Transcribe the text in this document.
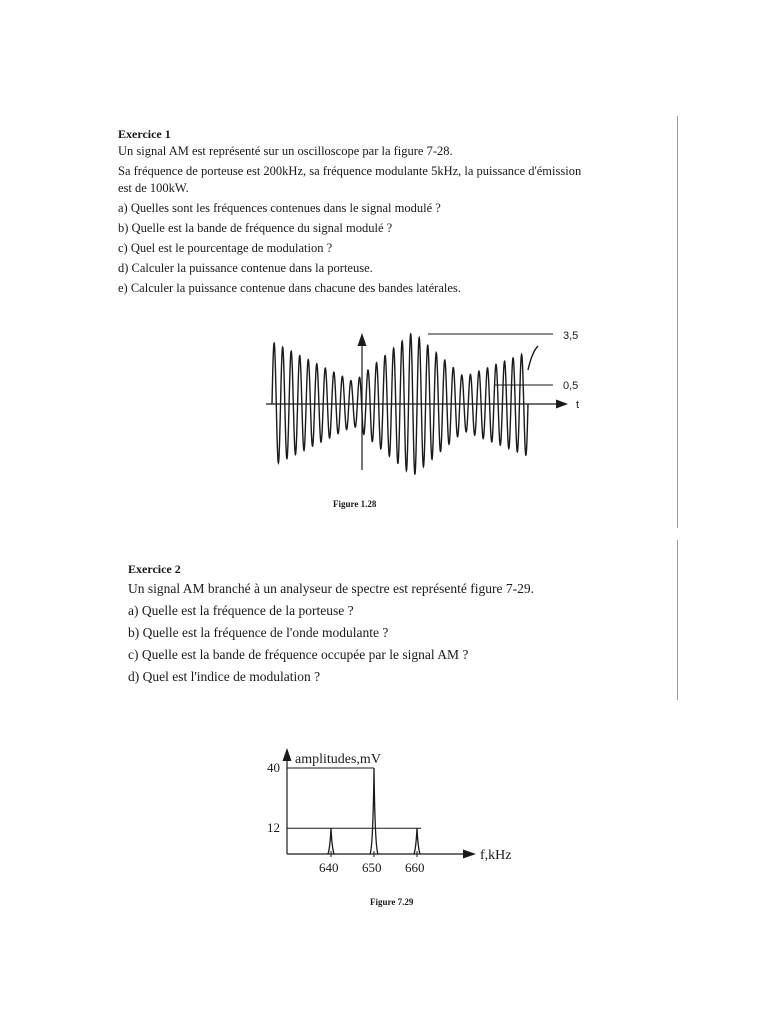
Exercice 1

Un signal AM est représenté sur un oscilloscope par la figure 7-28.

Sa fréquence de porteuse est 200kHz, sa fréquence modulante 5kHz, la puissance d'émission

est de 100kW.

a) Quelles sont les fréquences contenues dans le signal modulé ?

b) Quelle est la bande de fréquence du signal modulé ?

c) Quel est le pourcentage de modulation ?

d) Calculer la puissance contenue dans la porteuse.

e) Calculer la puissance contenue dans chacune des bandes latérales.

3,5
0,5
t
Figure 1.28

Exercice 2

Un signal AM branché à un analyseur de spectre est représenté figure 7-29.

a) Quelle est la fréquence de la porteuse ?

b) Quelle est la fréquence de l'onde modulante ?

c) Quelle est la bande de fréquence occupée par le signal AM ?

d) Quel est l'indice de modulation ?

12
40
640 650 660
amplitudes,mV
f,kHz
Figure 7.29
